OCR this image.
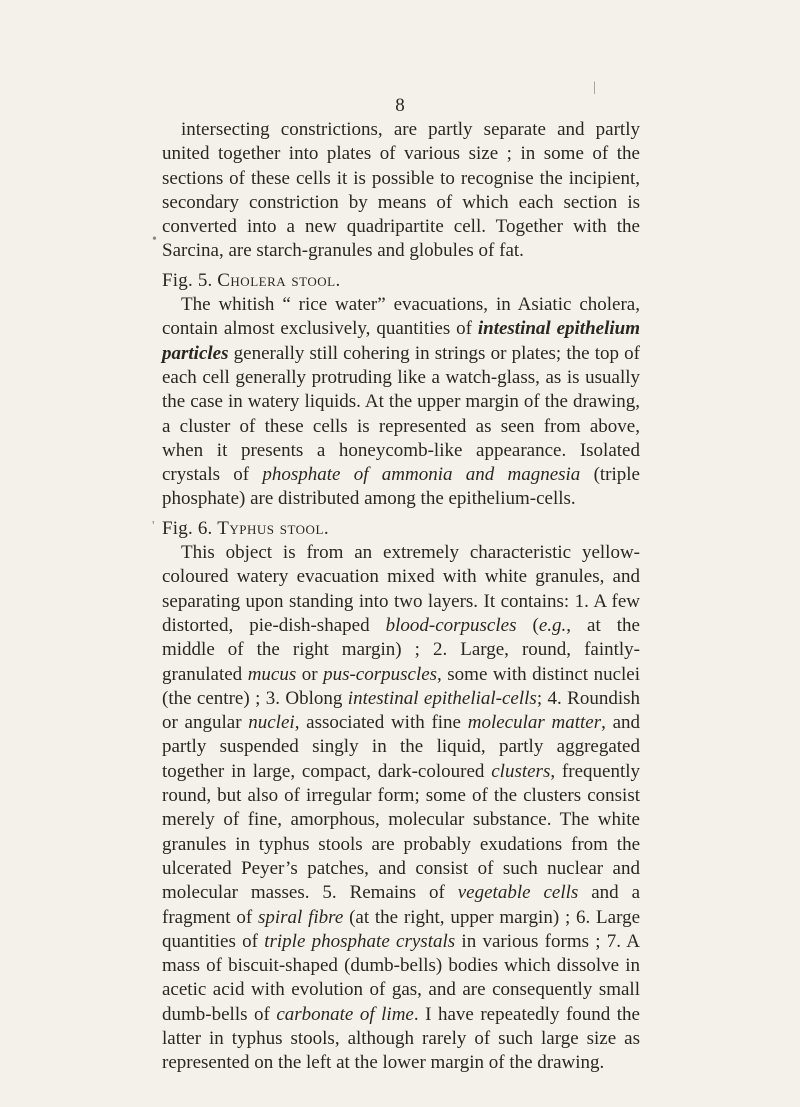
8
|
•
'

intersecting constrictions, are partly separate and partly united together into plates of various size ; in some of the sections of these cells it is possible to recognise the incipient, secondary constriction by means of which each section is converted into a new quadripartite cell. Together with the Sarcina, are starch-granules and globules of fat.

Fig. 5. Cholera stool.

The whitish “ rice water” evacuations, in Asiatic cholera, contain almost exclusively, quantities of intestinal epithelium particles generally still cohering in strings or plates; the top of each cell generally protruding like a watch-glass, as is usually the case in watery liquids. At the upper margin of the drawing, a cluster of these cells is represented as seen from above, when it presents a honeycomb-like appearance. Isolated crystals of phosphate of ammonia and magnesia (triple phosphate) are distributed among the epithelium-cells.

Fig. 6. Typhus stool.

This object is from an extremely characteristic yellow-coloured watery evacuation mixed with white granules, and separating upon standing into two layers. It contains: 1. A few distorted, pie-dish-shaped blood-corpuscles (e.g., at the middle of the right margin) ; 2. Large, round, faintly-granulated mucus or pus-corpuscles, some with distinct nuclei (the centre) ; 3. Oblong intestinal epithelial-cells; 4. Roundish or angular nuclei, associated with fine molecular matter, and partly suspended singly in the liquid, partly aggregated together in large, compact, dark-coloured clusters, frequently round, but also of irregular form; some of the clusters consist merely of fine, amorphous, molecular substance. The white granules in typhus stools are probably exudations from the ulcerated Peyer’s patches, and consist of such nuclear and molecular masses. 5. Remains of vegetable cells and a fragment of spiral fibre (at the right, upper margin) ; 6. Large quantities of triple phosphate crystals in various forms ; 7. A mass of biscuit-shaped (dumb-bells) bodies which dissolve in acetic acid with evolution of gas, and are consequently small dumb-bells of carbonate of lime. I have repeatedly found the latter in typhus stools, although rarely of such large size as represented on the left at the lower margin of the drawing.
